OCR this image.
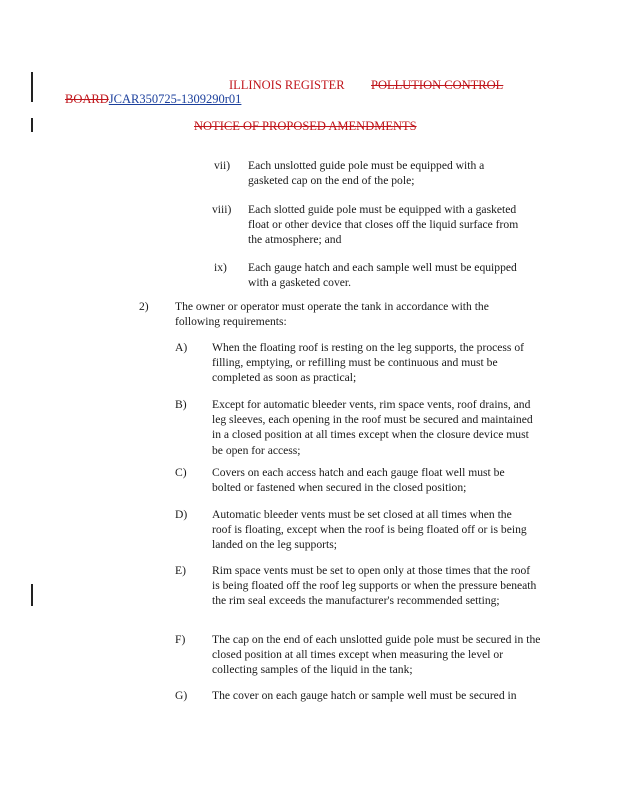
ILLINOIS REGISTER POLLUTION CONTROL
BOARDJCAR350725-1309290r01
NOTICE OF PROPOSED AMENDMENTS
vii) Each unslotted guide pole must be equipped with a gasketed cap on the end of the pole;
viii) Each slotted guide pole must be equipped with a gasketed float or other device that closes off the liquid surface from the atmosphere; and
ix) Each gauge hatch and each sample well must be equipped with a gasketed cover.
2) The owner or operator must operate the tank in accordance with the following requirements:
A) When the floating roof is resting on the leg supports, the process of filling, emptying, or refilling must be continuous and must be completed as soon as practical;
B) Except for automatic bleeder vents, rim space vents, roof drains, and leg sleeves, each opening in the roof must be secured and maintained in a closed position at all times except when the closure device must be open for access;
C) Covers on each access hatch and each gauge float well must be bolted or fastened when secured in the closed position;
D) Automatic bleeder vents must be set closed at all times when the roof is floating, except when the roof is being floated off or is being landed on the leg supports;
E) Rim space vents must be set to open only at those times that the roof is being floated off the roof leg supports or when the pressure beneath the rim seal exceeds the manufacturer's recommended setting;
F) The cap on the end of each unslotted guide pole must be secured in the closed position at all times except when measuring the level or collecting samples of the liquid in the tank;
G) The cover on each gauge hatch or sample well must be secured in
